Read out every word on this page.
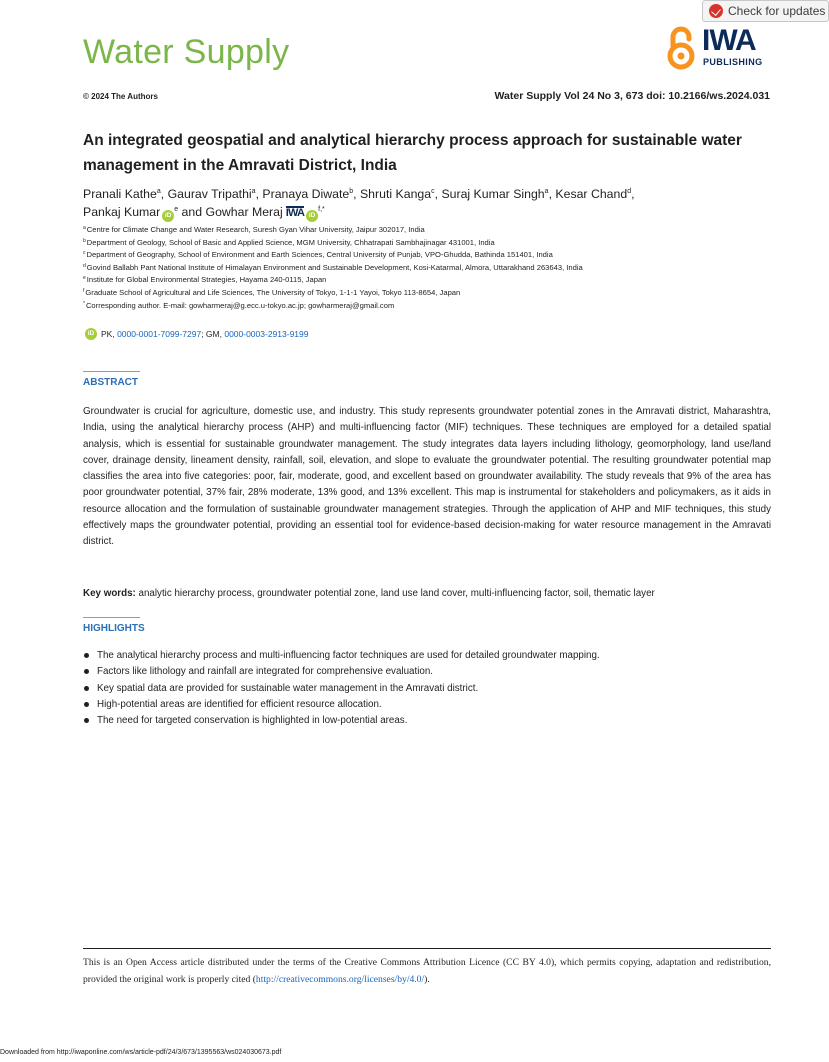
Check for updates
Water Supply	IWA
PUBLISHING
© 2024 The Authors	Water Supply Vol 24 No 3, 673 doi: 10.2166/ws.2024.031
An integrated geospatial and analytical hierarchy process approach for sustainable water management in the Amravati District, India
Pranali Kathe$^a$, Gaurav Tripathi$^a$, Pranaya Diwate$^b$, Shruti Kanga$^c$, Suraj Kumar Singh$^a$, Kesar Chand$^d$,
Pankaj Kumar $iD^e$ and Gowhar Meraj IWA $iD^{f,*}$
$^a$Centre for Climate Change and Water Research, Suresh Gyan Vihar University, Jaipur 302017, India
$^b$Department of Geology, School of Basic and Applied Science, MGM University, Chhatrapati Sambhajinagar 431001, India
$^c$Department of Geography, School of Environment and Earth Sciences, Central University of Punjab, VPO-Ghudda, Bathinda 151401, India
$^d$Govind Ballabh Pant National Institute of Himalayan Environment and Sustainable Development, Kosi-Katarmal, Almora, Uttarakhand 263643, India
$^e$Institute for Global Environmental Strategies, Hayama 240-0115, Japan
$^f$Graduate School of Agricultural and Life Sciences, The University of Tokyo, 1-1-1 Yayoi, Tokyo 113-8654, Japan
*Corresponding author. E-mail: gowharmeraj@g.ecc.u-tokyo.ac.jp; gowharmeraj@gmail.com
iD PK, 0000-0001-7099-7297; GM, 0000-0003-2913-9199
ABSTRACT
Groundwater is crucial for agriculture, domestic use, and industry. This study represents groundwater potential zones in the Amravati district, Maharashtra, India, using the analytical hierarchy process (AHP) and multi-influencing factor (MIF) techniques. These techniques are employed for a detailed spatial analysis, which is essential for sustainable groundwater management. The study integrates data layers including lithology, geomorphology, land use/land cover, drainage density, lineament density, rainfall, soil, elevation, and slope to evaluate the groundwater potential. The resulting groundwater potential map classifies the area into five categories: poor, fair, moderate, good, and excellent based on groundwater availability. The study reveals that 9% of the area has poor groundwater potential, 37% fair, 28% moderate, 13% good, and 13% excellent. This map is instrumental for stakeholders and policymakers, as it aids in resource allocation and the formulation of sustainable groundwater management strategies. Through the application of AHP and MIF techniques, this study effectively maps the groundwater potential, providing an essential tool for evidence-based decision-making for water resource management in the Amravati district.
Key words: analytic hierarchy process, groundwater potential zone, land use land cover, multi-influencing factor, soil, thematic layer
HIGHLIGHTS
The analytical hierarchy process and multi-influencing factor techniques are used for detailed groundwater mapping.
Factors like lithology and rainfall are integrated for comprehensive evaluation.
Key spatial data are provided for sustainable water management in the Amravati district.
High-potential areas are identified for efficient resource allocation.
The need for targeted conservation is highlighted in low-potential areas.
This is an Open Access article distributed under the terms of the Creative Commons Attribution Licence (CC BY 4.0), which permits copying, adaptation and redistribution, provided the original work is properly cited (http://creativecommons.org/licenses/by/4.0/).
Downloaded from http://iwaponline.com/ws/article-pdf/24/3/673/1395563/ws024030673.pdf
